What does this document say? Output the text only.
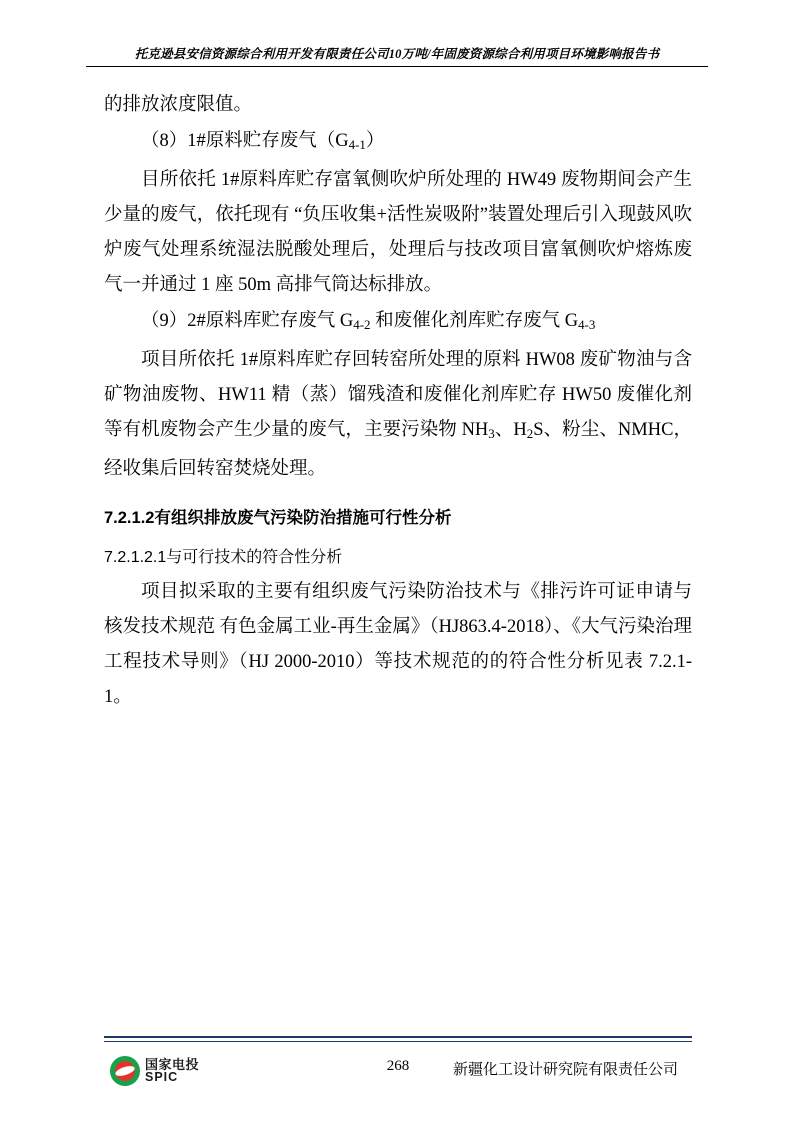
托克逊县安信资源综合利用开发有限责任公司10万吨/年固废资源综合利用项目环境影响报告书

的排放浓度限值。

（8）1#原料贮存废气$(G_{4-1})$

目所依托 1#原料库贮存富氧侧吹炉所处理的 HW49 废物期间会产生少量的废气，依托现有 “负压收集+活性炭吸附”装置处理后引入现鼓风吹炉废气处理系统湿法脱酸处理后，处理后与技改项目富氧侧吹炉熔炼废气一并通过 1 座 50m 高排气筒达标排放。

（9）2#原料库贮存废气 $G_{4-2}$ 和废催化剂库贮存废气 $G_{4-3}$

项目所依托 1#原料库贮存回转窑所处理的原料 HW08 废矿物油与含矿物油废物、HW11 精（蒸）馏残渣和废催化剂库贮存 HW50 废催化剂等有机废物会产生少量的废气，主要污染物 $NH_3$、$H_2S$、粉尘、NMHC，经收集后回转窑焚烧处理。

7.2.1.2有组织排放废气污染防治措施可行性分析
7.2.1.2.1与可行技术的符合性分析

项目拟采取的主要有组织废气污染防治技术与《排污许可证申请与核发技术规范 有色金属工业-再生金属》（HJ863.4-2018）、《大气污染治理工程技术导则》（HJ 2000-2010）等技术规范的的符合性分析见表 7.2.1-1。

国家电投
SPIC
268	新疆化工设计研究院有限责任公司
